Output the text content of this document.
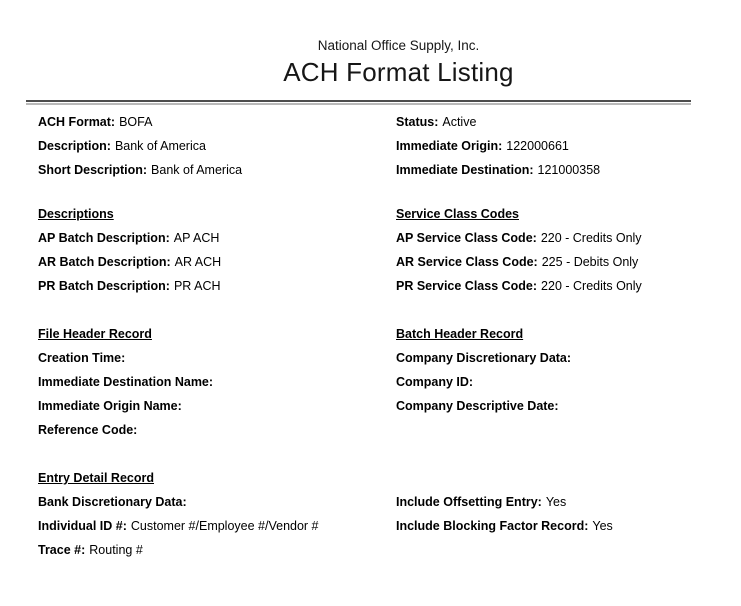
National Office Supply, Inc.
ACH Format Listing
ACH Format: BOFA
Description: Bank of America
Short Description: Bank of America
Status: Active
Immediate Origin: 122000661
Immediate Destination: 121000358
Descriptions
AP Batch Description: AP ACH
AR Batch Description: AR ACH
PR Batch Description: PR ACH
Service Class Codes
AP Service Class Code: 220 - Credits Only
AR Service Class Code: 225 - Debits Only
PR Service Class Code: 220 - Credits Only
File Header Record
Creation Time:
Immediate Destination Name:
Immediate Origin Name:
Reference Code:
Batch Header Record
Company Discretionary Data:
Company ID:
Company Descriptive Date:
Entry Detail Record
Bank Discretionary Data:
Individual ID #: Customer #/Employee #/Vendor #
Trace #: Routing #
Include Offsetting Entry: Yes
Include Blocking Factor Record: Yes
